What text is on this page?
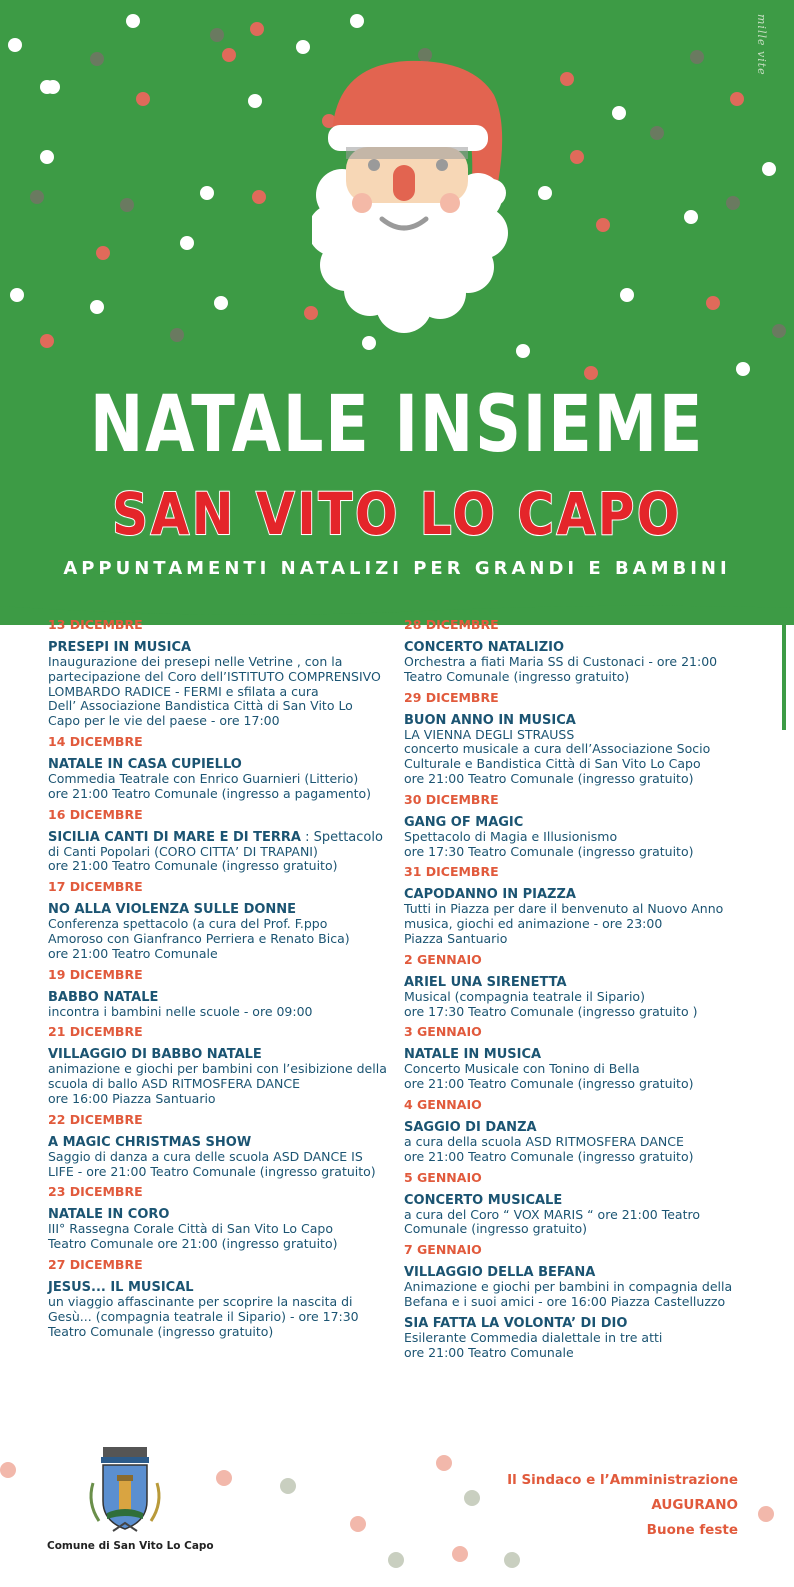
mille vite
NATALE INSIEME
SAN VITO LO CAPO
APPUNTAMENTI NATALIZI PER GRANDI E BAMBINI
13 DICEMBRE
PRESEPI IN MUSICA
Inaugurazione dei presepi nelle Vetrine , con la
partecipazione del Coro dell’ISTITUTO COMPRENSIVO
LOMBARDO RADICE - FERMI e sfilata a cura
Dell’ Associazione Bandistica Città di San Vito Lo
Capo per le vie del paese - ore 17:00
14 DICEMBRE
NATALE IN CASA CUPIELLO
Commedia Teatrale con Enrico Guarnieri (Litterio)
ore 21:00 Teatro Comunale (ingresso a pagamento)
16 DICEMBRE
SICILIA CANTI DI MARE E DI TERRA : Spettacolo
di Canti Popolari (CORO CITTA’ DI TRAPANI)
ore 21:00 Teatro Comunale (ingresso gratuito)
17 DICEMBRE
NO ALLA VIOLENZA SULLE DONNE
Conferenza spettacolo (a cura del Prof. F.ppo
Amoroso con Gianfranco Perriera e Renato Bica)
ore 21:00 Teatro Comunale
19 DICEMBRE
BABBO NATALE
incontra i bambini nelle scuole - ore 09:00
21 DICEMBRE
VILLAGGIO DI BABBO NATALE
animazione e giochi per bambini con l’esibizione della
scuola di ballo ASD RITMOSFERA DANCE
ore 16:00 Piazza Santuario
22 DICEMBRE
A MAGIC CHRISTMAS SHOW
Saggio di danza a cura delle scuola ASD DANCE IS
LIFE - ore 21:00 Teatro Comunale (ingresso gratuito)
23 DICEMBRE
NATALE IN CORO
III° Rassegna Corale Città di San Vito Lo Capo
Teatro Comunale ore 21:00 (ingresso gratuito)
27 DICEMBRE
JESUS... IL MUSICAL
un viaggio affascinante per scoprire la nascita di
Gesù... (compagnia teatrale il Sipario) - ore 17:30
Teatro Comunale (ingresso gratuito)
28 DICEMBRE
CONCERTO NATALIZIO
Orchestra a fiati Maria SS di Custonaci - ore 21:00
Teatro Comunale (ingresso gratuito)
29 DICEMBRE
BUON ANNO IN MUSICA
LA VIENNA DEGLI STRAUSS
concerto musicale a cura dell’Associazione Socio
Culturale e Bandistica Città di San Vito Lo Capo
ore 21:00 Teatro Comunale (ingresso gratuito)
30 DICEMBRE
GANG OF MAGIC
Spettacolo di Magia e Illusionismo
ore 17:30 Teatro Comunale (ingresso gratuito)
31 DICEMBRE
CAPODANNO IN PIAZZA
Tutti in Piazza per dare il benvenuto al Nuovo Anno
musica, giochi ed animazione - ore 23:00
Piazza Santuario
2 GENNAIO
ARIEL UNA SIRENETTA
Musical (compagnia teatrale il Sipario)
ore 17:30 Teatro Comunale (ingresso gratuito )
3 GENNAIO
NATALE IN MUSICA
Concerto Musicale con Tonino di Bella
ore 21:00 Teatro Comunale (ingresso gratuito)
4 GENNAIO
SAGGIO DI DANZA
a cura della scuola ASD RITMOSFERA DANCE
ore 21:00 Teatro Comunale (ingresso gratuito)
5 GENNAIO
CONCERTO MUSICALE
a cura del Coro “ VOX MARIS “ ore 21:00 Teatro
Comunale (ingresso gratuito)
7 GENNAIO
VILLAGGIO DELLA BEFANA
Animazione e giochi per bambini in compagnia della
Befana e i suoi amici - ore 16:00 Piazza Castelluzzo
SIA FATTA LA VOLONTA’ DI DIO
Esilerante Commedia dialettale in tre atti
ore 21:00 Teatro Comunale
Comune di San Vito Lo Capo
Il Sindaco e l’Amministrazione
AUGURANO
Buone feste
